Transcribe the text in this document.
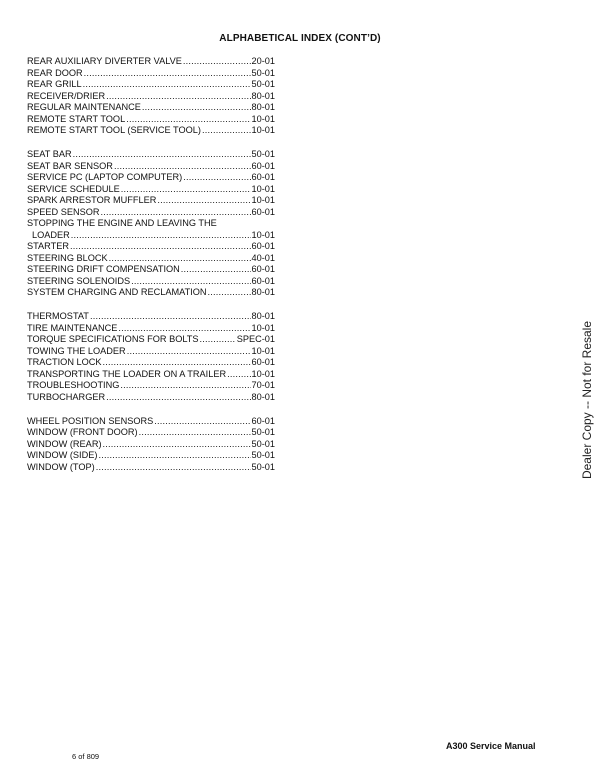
ALPHABETICAL INDEX (CONT’D)
REAR AUXILIARY DIVERTER VALVE .....	20-01
REAR DOOR .....	50-01
REAR GRILL .....	50-01
RECEIVER/DRIER .....	80-01
REGULAR MAINTENANCE .....	80-01
REMOTE START TOOL .....	10-01
REMOTE START TOOL (SERVICE TOOL) .....	10-01
SEAT BAR .....	50-01
SEAT BAR SENSOR .....	60-01
SERVICE PC (LAPTOP COMPUTER) .....	60-01
SERVICE SCHEDULE .....	10-01
SPARK ARRESTOR MUFFLER .....	10-01
SPEED SENSOR .....	60-01
STOPPING THE ENGINE AND LEAVING THE
LOADER .....	10-01
STARTER .....	60-01
STEERING BLOCK .....	40-01
STEERING DRIFT COMPENSATION .....	60-01
STEERING SOLENOIDS .....	60-01
SYSTEM CHARGING AND RECLAMATION .....	80-01
THERMOSTAT .....	80-01
TIRE MAINTENANCE .....	10-01
TORQUE SPECIFICATIONS FOR BOLTS .....	SPEC-01
TOWING THE LOADER .....	10-01
TRACTION LOCK .....	60-01
TRANSPORTING THE LOADER ON A TRAILER .....	10-01
TROUBLESHOOTING .....	70-01
TURBOCHARGER .....	80-01
WHEEL POSITION SENSORS .....	60-01
WINDOW (FRONT DOOR) .....	50-01
WINDOW (REAR) .....	50-01
WINDOW (SIDE) .....	50-01
WINDOW (TOP) .....	50-01	Dealer Copy -- Not for Resale
A300 Service Manual
6 of 809
